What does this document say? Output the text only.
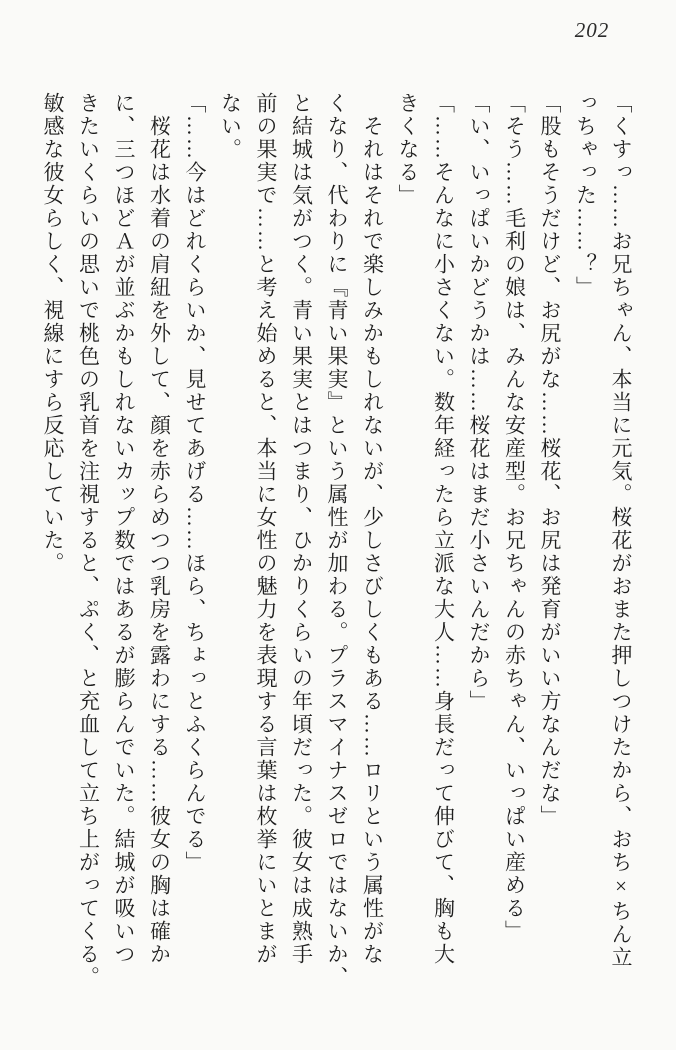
202
「くすっ……お兄ちゃん、本当に元気。桜花がおまた押しつけたから、おち×ちん立
っちゃった……？」
「股もそうだけど、お尻がな……桜花、お尻は発育がいい方なんだな」
「そう……毛利の娘は、みんな安産型。お兄ちゃんの赤ちゃん、いっぱい産める」
「い、いっぱいかどうかは……桜花はまだ小さいんだから」
「……そんなに小さくない。数年経ったら立派な大人……身長だって伸びて、胸も大
きくなる」
それはそれで楽しみかもしれないが、少しさびしくもある……ロリという属性がな
くなり、代わりに『青い果実』という属性が加わる。プラスマイナスゼロではないか、
と結城は気がつく。青い果実とはつまり、ひかりくらいの年頃だった。彼女は成熟手
前の果実で……と考え始めると、本当に女性の魅力を表現する言葉は枚挙にいとまが
ない。
「……今はどれくらいか、見せてあげる……ほら、ちょっとふくらんでる」
桜花は水着の肩紐を外して、顔を赤らめつつ乳房を露わにする……彼女の胸は確か
に、三つほどＡが並ぶかもしれないカップ数ではあるが膨らんでいた。結城が吸いつ
きたいくらいの思いで桃色の乳首を注視すると、ぷく、と充血して立ち上がってくる。
敏感な彼女らしく、視線にすら反応していた。
